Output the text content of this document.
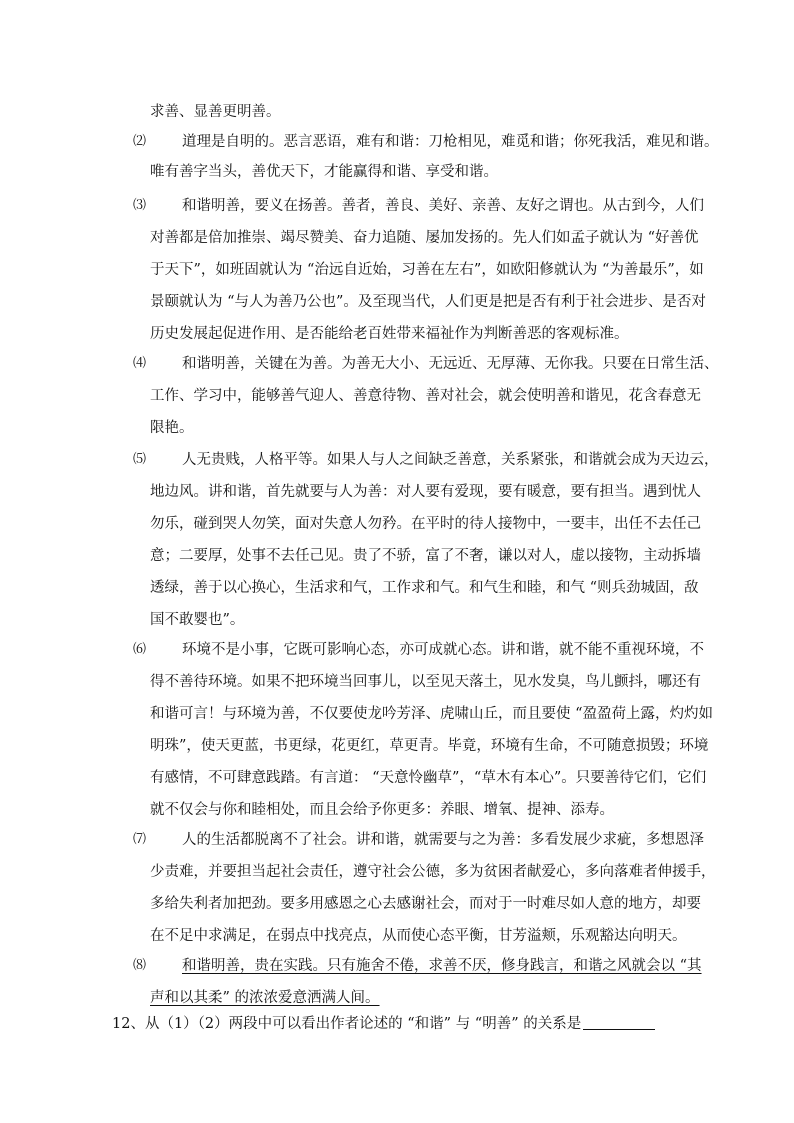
求善、显善更明善。
⑵ 道理是自明的。恶言恶语，难有和谐：刀枪相见，难觅和谐；你死我活，难见和谐。
唯有善字当头，善优天下，才能赢得和谐、享受和谐。
⑶ 和谐明善，要义在扬善。善者，善良、美好、亲善、友好之谓也。从古到今，人们
对善都是倍加推崇、竭尽赞美、奋力追随、屡加发扬的。先人们如孟子就认为 “好善优
于天下”，如班固就认为 “治远自近始，习善在左右”，如欧阳修就认为 “为善最乐”，如
景颐就认为 “与人为善乃公也”。及至现当代，人们更是把是否有利于社会进步、是否对
历史发展起促进作用、是否能给老百姓带来福祉作为判断善恶的客观标准。
⑷ 和谐明善，关键在为善。为善无大小、无远近、无厚薄、无你我。只要在日常生活、
工作、学习中，能够善气迎人、善意待物、善对社会，就会使明善和谐见，花含春意无
限艳。
⑸ 人无贵贱，人格平等。如果人与人之间缺乏善意，关系紧张，和谐就会成为天边云，
地边风。讲和谐，首先就要与人为善：对人要有爱现，要有暖意，要有担当。遇到忧人
勿乐，碰到哭人勿笑，面对失意人勿矜。在平时的待人接物中，一要丰，出任不去任己
意；二要厚，处事不去任己见。贵了不骄，富了不奢，谦以对人，虚以接物，主动拆墙
透绿，善于以心换心，生活求和气，工作求和气。和气生和睦，和气 “则兵劲城固，敌
国不敢婴也”。
⑹ 环境不是小事，它既可影响心态，亦可成就心态。讲和谐，就不能不重视环境，不
得不善待环境。如果不把环境当回事儿，以至见天落土，见水发臭，鸟儿颤抖，哪还有
和谐可言！与环境为善，不仅要使龙吟芳泽、虎啸山丘，而且要使 “盈盈荷上露，灼灼如
明珠”，使天更蓝，书更绿，花更红，草更青。毕竟，环境有生命，不可随意损毁；环境
有感情，不可肆意践踏。有言道： “天意怜幽草”，“草木有本心”。只要善待它们，它们
就不仅会与你和睦相处，而且会给予你更多：养眼、增氧、提神、添寿。
⑺ 人的生活都脱离不了社会。讲和谐，就需要与之为善：多看发展少求疵，多想恩泽
少责难，并要担当起社会责任，遵守社会公德，多为贫困者献爱心，多向落难者伸援手，
多给失利者加把劲。要多用感恩之心去感谢社会，而对于一时难尽如人意的地方，却要
在不足中求满足，在弱点中找亮点，从而使心态平衡，甘芳溢颊，乐观豁达向明天。
⑻ 和谐明善，贵在实践。只有施舍不倦，求善不厌，修身践言，和谐之风就会以 “其
声和以其柔” 的浓浓爱意洒满人间。
12、从（1）（2）两段中可以看出作者论述的 “和谐” 与 “明善” 的关系是
